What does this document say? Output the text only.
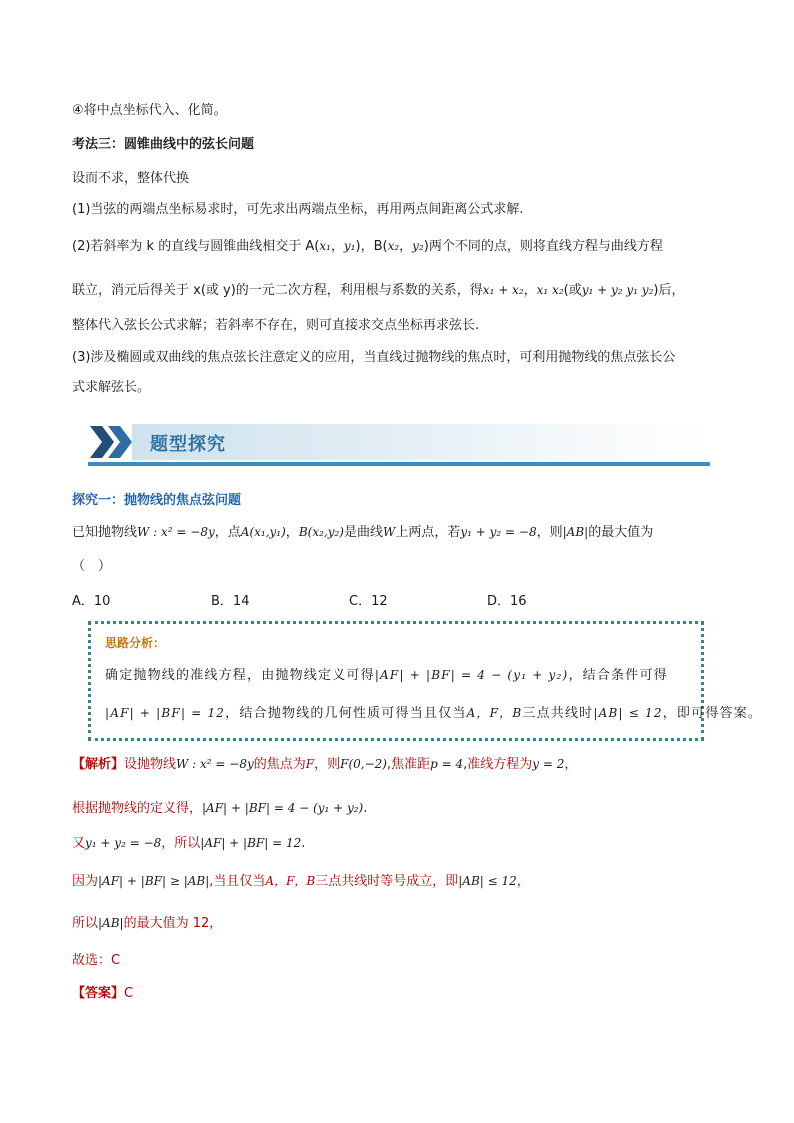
④将中点坐标代入、化简。
考法三：圆锥曲线中的弦长问题
设而不求，整体代换
(1)当弦的两端点坐标易求时，可先求出两端点坐标，再用两点间距离公式求解.
(2)若斜率为 k 的直线与圆锥曲线相交于 A(x₁，y₁)，B(x₂，y₂)两个不同的点，则将直线方程与曲线方程
联立，消元后得关于 x(或 y)的一元二次方程，利用根与系数的关系，得x₁ + x₂，x₁ x₂(或y₁ + y₂ y₁ y₂)后，
整体代入弦长公式求解；若斜率不存在，则可直接求交点坐标再求弦长.
(3)涉及椭圆或双曲线的焦点弦长注意定义的应用，当直线过抛物线的焦点时，可利用抛物线的焦点弦长公
式求解弦长。
题型探究
探究一：抛物线的焦点弦问题
已知抛物线W : x² = −8y，点A(x₁,y₁)，B(x₂,y₂)是曲线W上两点，若y₁ + y₂ = −8，则|AB|的最大值为
（　）
A．10	B．14	C．12	D．16
思路分析：
确定抛物线的准线方程，由抛物线定义可得|AF| + |BF| = 4 − (y₁ + y₂)，结合条件可得
|AF| + |BF| = 12，结合抛物线的几何性质可得当且仅当A，F，B三点共线时|AB| ≤ 12，即可得答案。
【解析】设抛物线W : x² = −8y的焦点为F，则F(0,−2),焦准距p = 4,准线方程为y = 2，
根据抛物线的定义得，|AF| + |BF| = 4 − (y₁ + y₂).
又y₁ + y₂ = −8，所以|AF| + |BF| = 12.
因为|AF| + |BF| ≥ |AB|,当且仅当A，F，B三点共线时等号成立，即|AB| ≤ 12，
所以|AB|的最大值为 12，
故选：C
【答案】C
